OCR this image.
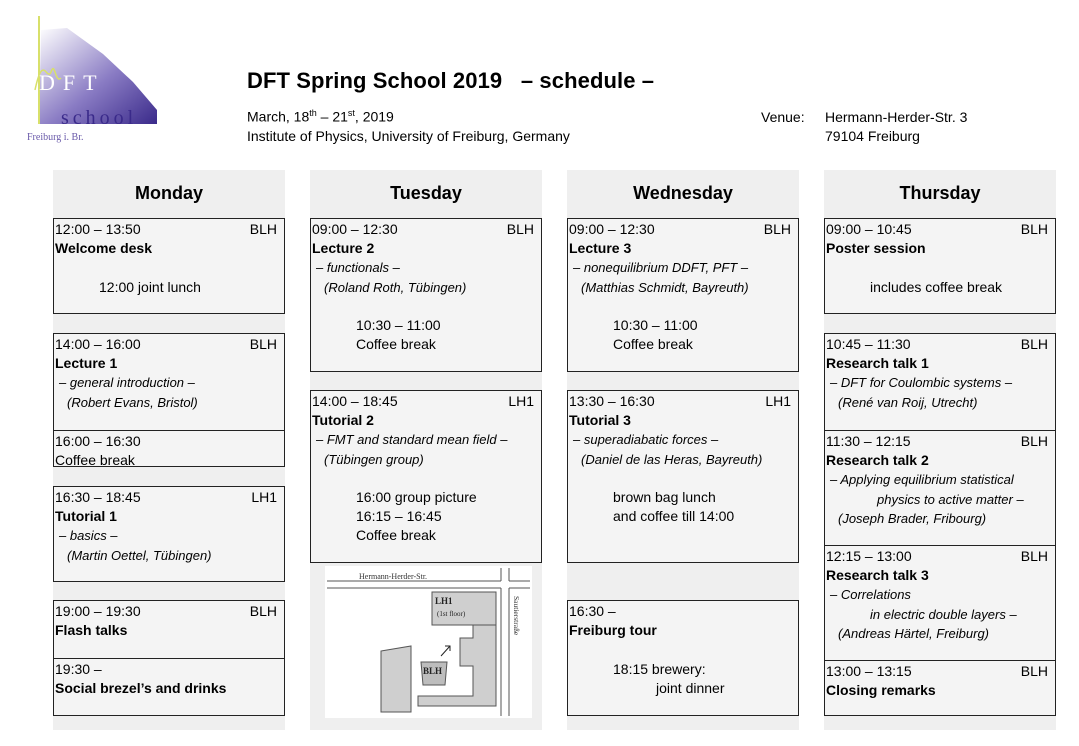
DFT
school
Freiburg i. Br.
DFT Spring School 2019   – schedule –
March, 18th – 21st, 2019
Institute of Physics, University of Freiburg, Germany
Venue: Hermann-Herder-Str. 3
79104 Freiburg
Monday
12:00 – 13:50	BLH
Welcome desk
12:00 joint lunch
14:00 – 16:00	BLH
Lecture 1
– general introduction –
(Robert Evans, Bristol)
16:00 – 16:30
Coffee break
16:30 – 18:45	LH1
Tutorial 1
– basics –
(Martin Oettel, Tübingen)
19:00 – 19:30	BLH
Flash talks
19:30 –
Social brezel’s and drinks
Tuesday
09:00 – 12:30	BLH
Lecture 2
– functionals –
(Roland Roth, Tübingen)
10:30 – 11:00
Coffee break
14:00 – 18:45	LH1
Tutorial 2
– FMT and standard mean field –
(Tübingen group)
16:00 group picture
16:15 – 16:45
Coffee break
Hermann-Herder-Str.
Sautierstraße
LH1
(1st floor)
BLH
Wednesday
09:00 – 12:30	BLH
Lecture 3
– nonequilibrium DDFT, PFT –
(Matthias Schmidt, Bayreuth)
10:30 – 11:00
Coffee break
13:30 – 16:30	LH1
Tutorial 3
– superadiabatic forces –
(Daniel de las Heras, Bayreuth)
brown bag lunch
and coffee till 14:00
16:30 –
Freiburg tour
18:15 brewery:
joint dinner
Thursday
09:00 – 10:45	BLH
Poster session
includes coffee break
10:45 – 11:30	BLH
Research talk 1
– DFT for Coulombic systems –
(René van Roij, Utrecht)
11:30 – 12:15	BLH
Research talk 2
– Applying equilibrium statistical
physics to active matter –
(Joseph Brader, Fribourg)
12:15 – 13:00	BLH
Research talk 3
– Correlations
in electric double layers –
(Andreas Härtel, Freiburg)
13:00 – 13:15	BLH
Closing remarks
